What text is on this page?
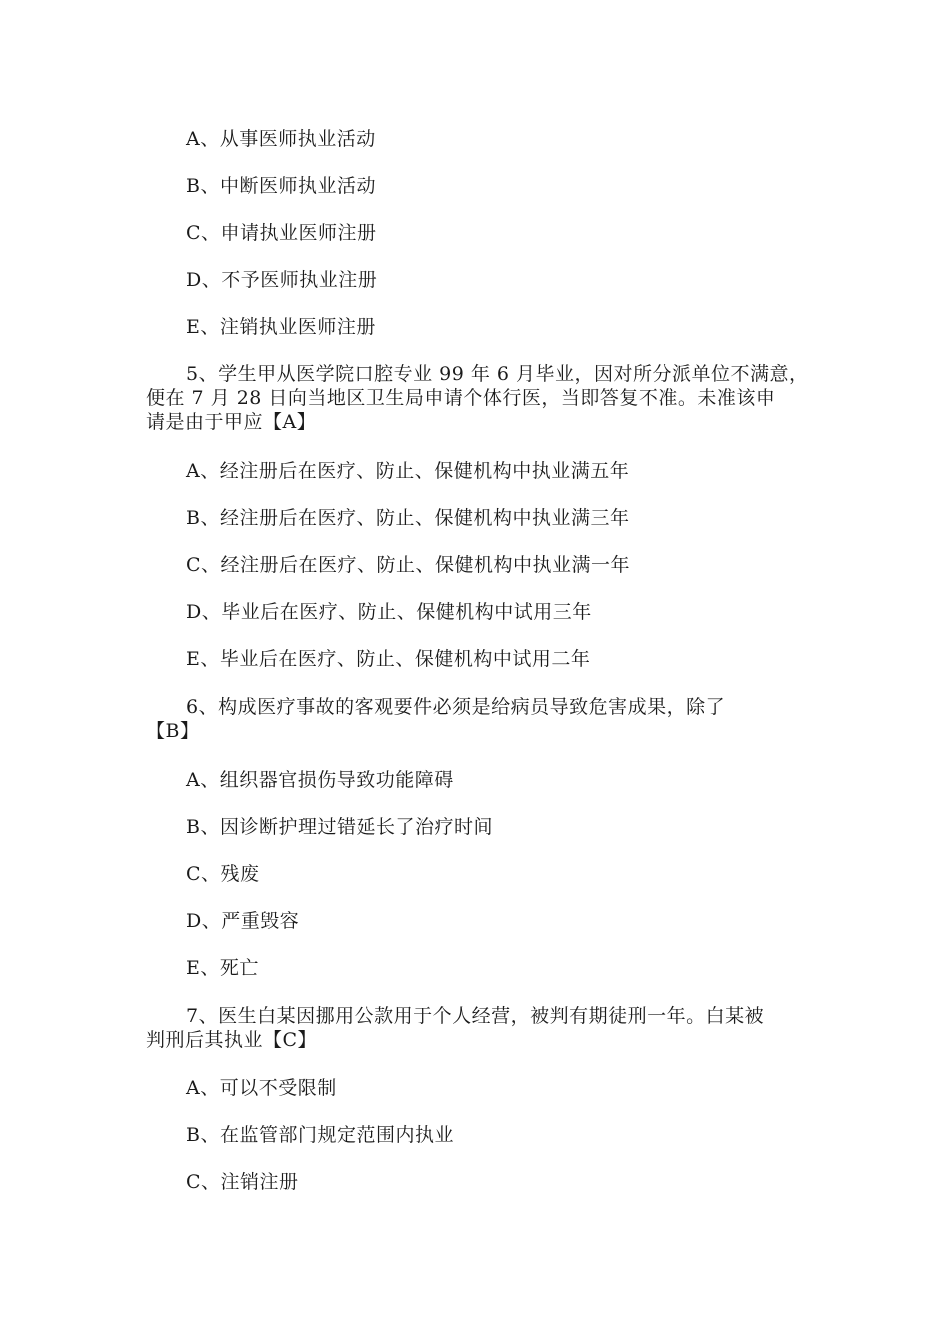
A、从事医师执业活动
B、中断医师执业活动
C、申请执业医师注册
D、不予医师执业注册
E、注销执业医师注册
5、学生甲从医学院口腔专业 99 年 6 月毕业，因对所分派单位不满意，
便在 7 月 28 日向当地区卫生局申请个体行医，当即答复不准。未准该申
请是由于甲应【A】
A、经注册后在医疗、防止、保健机构中执业满五年
B、经注册后在医疗、防止、保健机构中执业满三年
C、经注册后在医疗、防止、保健机构中执业满一年
D、毕业后在医疗、防止、保健机构中试用三年
E、毕业后在医疗、防止、保健机构中试用二年
6、构成医疗事故的客观要件必须是给病员导致危害成果，除了
【B】
A、组织器官损伤导致功能障碍
B、因诊断护理过错延长了治疗时间
C、残废
D、严重毁容
E、死亡
7、医生白某因挪用公款用于个人经营，被判有期徒刑一年。白某被
判刑后其执业【C】
A、可以不受限制
B、在监管部门规定范围内执业
C、注销注册
